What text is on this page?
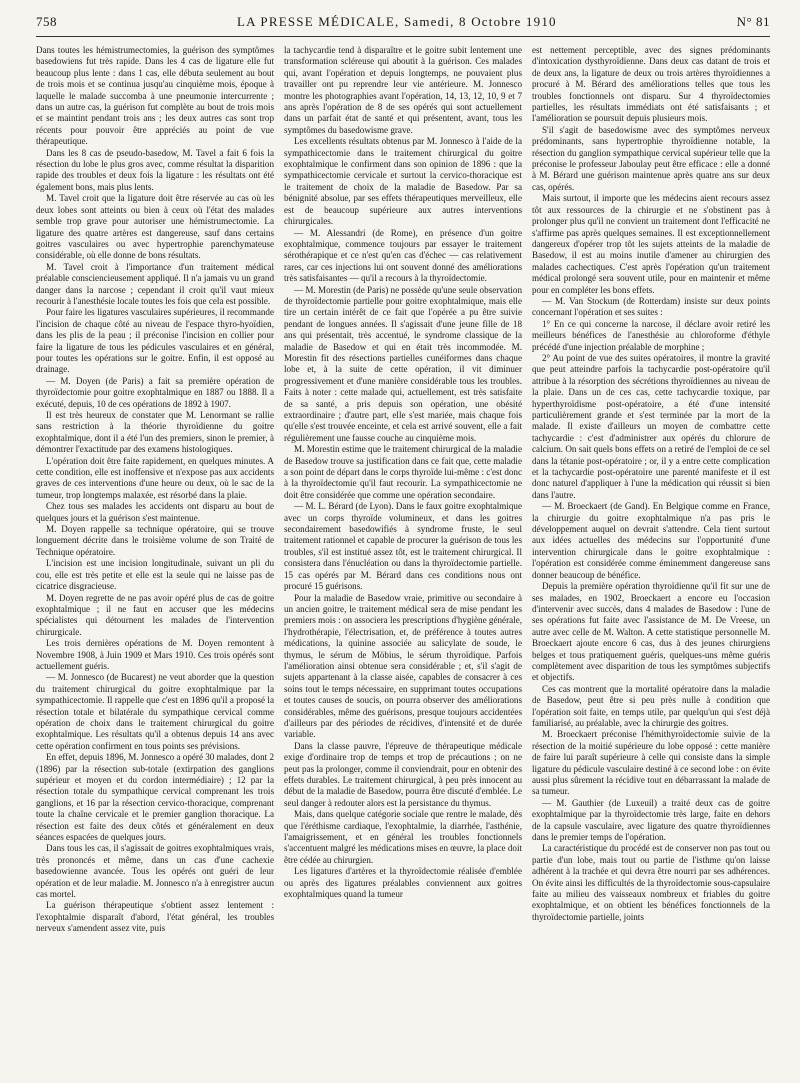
758	LA PRESSE MÉDICALE, Samedi, 8 Octobre 1910	N° 81

Dans toutes les hémistrumectomies, la guérison des symptômes basedowiens fut très rapide. Dans les 4 cas de ligature elle fut beaucoup plus lente : dans 1 cas, elle débuta seulement au bout de trois mois et se continua jusqu'au cinquième mois, époque à laquelle le malade succomba à une pneumonie intercurrente ; dans un autre cas, la guérison fut complète au bout de trois mois et se maintint pendant trois ans ; les deux autres cas sont trop récents pour pouvoir être appréciés au point de vue thérapeutique.

Dans les 8 cas de pseudo-basedow, M. Tavel a fait 6 fois la résection du lobe le plus gros avec, comme résultat la disparition rapide des troubles et deux fois la ligature : les résultats ont été également bons, mais plus lents.

M. Tavel croit que la ligature doit être réservée au cas où les deux lobes sont atteints ou bien à ceux où l'état des malades semble trop grave pour autoriser une hémistrumectomie. La ligature des quatre artères est dangereuse, sauf dans certains goitres vasculaires ou avec hypertrophie parenchymateuse considérable, où elle donne de bons résultats.

M. Tavel croit à l'importance d'un traitement médical préalable consciencieusement appliqué. Il n'a jamais vu un grand danger dans la narcose ; cependant il croit qu'il vaut mieux recourir à l'anesthésie locale toutes les fois que cela est possible.

Pour faire les ligatures vasculaires supérieures, il recommande l'incision de chaque côté au niveau de l'espace thyro-hyoïdien, dans les plis de la peau ; il préconise l'incision en collier pour faire la ligature de tous les pédicules vasculaires et en général, pour toutes les opérations sur le goitre. Enfin, il est opposé au drainage.

— M. Doyen (de Paris) a fait sa première opération de thyroïdectomie pour goitre exophtalmique en 1887 ou 1888. Il a exécuté, depuis, 10 de ces opérations de 1892 à 1907.

Il est très heureux de constater que M. Lenormant se rallie sans restriction à la théorie thyroïdienne du goitre exophtalmique, dont il a été l'un des premiers, sinon le premier, à démontrer l'exactitude par des examens histologiques.

L'opération doit être faite rapidement, en quelques minutes. A cette condition, elle est inoffensive et n'expose pas aux accidents graves de ces interventions d'une heure ou deux, où le sac de la tumeur, trop longtemps malaxée, est résorbé dans la plaie.

Chez tous ses malades les accidents ont disparu au bout de quelques jours et la guérison s'est maintenue.

M. Doyen rappelle sa technique opératoire, qui se trouve longuement décrite dans le troisième volume de son Traité de Technique opératoire.

L'incision est une incision longitudinale, suivant un pli du cou, elle est très petite et elle est la seule qui ne laisse pas de cicatrice disgracieuse.

M. Doyen regrette de ne pas avoir opéré plus de cas de goitre exophtalmique ; il ne faut en accuser que les médecins spécialistes qui détournent les malades de l'intervention chirurgicale.

Les trois dernières opérations de M. Doyen remontent à Novembre 1908, à Juin 1909 et Mars 1910. Ces trois opérés sont actuellement guéris.

— M. Jonnesco (de Bucarest) ne veut aborder que la question du traitement chirurgical du goitre exophtalmique par la sympathicectomie. Il rappelle que c'est en 1896 qu'il a proposé la résection totale et bilatérale du sympathique cervical comme opération de choix dans le traitement chirurgical du goitre exophtalmique. Les résultats qu'il a obtenus depuis 14 ans avec cette opération confirment en tous points ses prévisions.

En effet, depuis 1896, M. Jonnesco a opéré 30 malades, dont 2 (1896) par la résection sub-totale (extirpation des ganglions supérieur et moyen et du cordon intermédiaire) ; 12 par la résection totale du sympathique cervical comprenant les trois ganglions, et 16 par la résection cervico-thoracique, comprenant toute la chaîne cervicale et le premier ganglion thoracique. La résection est faite des deux côtés et généralement en deux séances espacées de quelques jours.

Dans tous les cas, il s'agissait de goitres exophtalmiques vrais, très prononcés et même, dans un cas d'une cachexie basedowienne avancée. Tous les opérés ont guéri de leur opération et de leur maladie. M. Jonnesco n'a à enregistrer aucun cas mortel.

La guérison thérapeutique s'obtient assez lentement : l'exophtalmie disparaît d'abord, l'état général, les troubles nerveux s'amendent assez vite, puis

la tachycardie tend à disparaître et le goitre subit lentement une transformation scléreuse qui aboutit à la guérison. Ces malades qui, avant l'opération et depuis longtemps, ne pouvaient plus travailler ont pu reprendre leur vie antérieure. M. Jonnesco montre les photographies avant l'opération, 14, 13, 12, 10, 9 et 7 ans après l'opération de 8 de ses opérés qui sont actuellement dans un parfait état de santé et qui présentent, avant, tous les symptômes du basedowisme grave.

Les excellents résultats obtenus par M. Jonnesco à l'aide de la sympathicectomie dans le traitement chirurgical du goitre exophtalmique le confirment dans son opinion de 1896 : que la sympathicectomie cervicale et surtout la cervico-thoracique est le traitement de choix de la maladie de Basedow. Par sa bénignité absolue, par ses effets thérapeutiques merveilleux, elle est de beaucoup supérieure aux autres interventions chirurgicales.

— M. Alessandri (de Rome), en présence d'un goitre exophtalmique, commence toujours par essayer le traitement sérothérapique et ce n'est qu'en cas d'échec — cas relativement rares, car ces injections lui ont souvent donné des améliorations très satisfaisantes — qu'il a recours à la thyroïdectomie.

— M. Morestin (de Paris) ne possède qu'une seule observation de thyroïdectomie partielle pour goitre exophtalmique, mais elle tire un certain intérêt de ce fait que l'opérée a pu être suivie pendant de longues années. Il s'agissait d'une jeune fille de 18 ans qui présentait, très accentué, le syndrome classique de la maladie de Basedow et qui en était très incommodée. M. Morestin fit des résections partielles cunéiformes dans chaque lobe et, à la suite de cette opération, il vit diminuer progressivement et d'une manière considérable tous les troubles. Faits à noter : cette malade qui, actuellement, est très satisfaite de sa santé, a pris depuis son opération, une obésité extraordinaire ; d'autre part, elle s'est mariée, mais chaque fois qu'elle s'est trouvée enceinte, et cela est arrivé souvent, elle a fait régulièrement une fausse couche au cinquième mois.

M. Morestin estime que le traitement chirurgical de la maladie de Basedow trouve sa justification dans ce fait que, cette maladie a son point de départ dans le corps thyroïde lui-même : c'est donc à la thyroïdectomie qu'il faut recourir. La sympathicectomie ne doit être considérée que comme une opération secondaire.

— M. L. Bérard (de Lyon). Dans le faux goitre exophtalmique avec un corps thyroïde volumineux, et dans les goitres secondairement basedowifiés à syndrome fruste, le seul traitement rationnel et capable de procurer la guérison de tous les troubles, s'il est institué assez tôt, est le traitement chirurgical. Il consistera dans l'énucléation ou dans la thyroïdectomie partielle. 15 cas opérés par M. Bérard dans ces conditions nous ont procuré 15 guérisons.

Pour la maladie de Basedow vraie, primitive ou secondaire à un ancien goitre, le traitement médical sera de mise pendant les premiers mois : on associera les prescriptions d'hygiène générale, l'hydrothérapie, l'électrisation, et, de préférence à toutes autres médications, la quinine associée au salicylate de soude, le thymus, le sérum de Möbius, le sérum thyroïdique. Parfois l'amélioration ainsi obtenue sera considérable ; et, s'il s'agit de sujets appartenant à la classe aisée, capables de consacrer à ces soins tout le temps nécessaire, en supprimant toutes occupations et toutes causes de soucis, on pourra observer des améliorations considérables, même des guérisons, presque toujours accidentées d'ailleurs par des périodes de récidives, d'intensité et de durée variable.

Dans la classe pauvre, l'épreuve de thérapeutique médicale exige d'ordinaire trop de temps et trop de précautions ; on ne peut pas la prolonger, comme il conviendrait, pour en obtenir des effets durables. Le traitement chirurgical, à peu près innocent au début de la maladie de Basedow, pourra être discuté d'emblée. Le seul danger à redouter alors est la persistance du thymus.

Mais, dans quelque catégorie sociale que rentre le malade, dès que l'éréthisme cardiaque, l'exophtalmie, la diarrhée, l'asthénie, l'amaigrissement, et en général les troubles fonctionnels s'accentuent malgré les médications mises en œuvre, la place doit être cédée au chirurgien.

Les ligatures d'artères et la thyroïdectomie réalisée d'emblée ou après des ligatures préalables conviennent aux goitres exophtalmiques quand la tumeur

est nettement perceptible, avec des signes prédominants d'intoxication dysthyroïdienne. Dans deux cas datant de trois et de deux ans, la ligature de deux ou trois artères thyroïdiennes a procuré à M. Bérard des améliorations telles que tous les troubles fonctionnels ont disparu. Sur 4 thyroïdectomies partielles, les résultats immédiats ont été satisfaisants ; et l'amélioration se poursuit depuis plusieurs mois.

S'il s'agit de basedowisme avec des symptômes nerveux prédominants, sans hypertrophie thyroïdienne notable, la résection du ganglion sympathique cervical supérieur telle que la préconise le professeur Jaboulay peut être efficace : elle a donné à M. Bérard une guérison maintenue après quatre ans sur deux cas, opérés.

Mais surtout, il importe que les médecins aient recours assez tôt aux ressources de la chirurgie et ne s'obstinent pas à prolonger plus qu'il ne convient un traitement dont l'efficacité ne s'affirme pas après quelques semaines. Il est exceptionnellement dangereux d'opérer trop tôt les sujets atteints de la maladie de Basedow, il est au moins inutile d'amener au chirurgien des malades cachectiques. C'est après l'opération qu'un traitement médical prolongé sera souvent utile, pour en maintenir et même pour en compléter les bons effets.

— M. Van Stockum (de Rotterdam) insiste sur deux points concernant l'opération et ses suites :

1° En ce qui concerne la narcose, il déclare avoir retiré les meilleurs bénéfices de l'anesthésie au chloroforme d'éthyle précédé d'une injection préalable de morphine ;

2° Au point de vue des suites opératoires, il montre la gravité que peut atteindre parfois la tachycardie post-opératoire qu'il attribue à la résorption des sécrétions thyroïdiennes au niveau de la plaie. Dans un de ces cas, cette tachycardie toxique, par hyperthyroïdisme post-opératoire, a été d'une intensité particulièrement grande et s'est terminée par la mort de la malade. Il existe d'ailleurs un moyen de combattre cette tachycardie : c'est d'administrer aux opérés du chlorure de calcium. On sait quels bons effets on a retiré de l'emploi de ce sel dans la tétanie post-opératoire ; or, il y a entre cette complication et la tachycardie post-opératoire une parenté manifeste et il est donc naturel d'appliquer à l'une la médication qui réussit si bien dans l'autre.

— M. Broeckaert (de Gand). En Belgique comme en France, la chirurgie du goitre exophtalmique n'a pas pris le développement auquel on devrait s'attendre. Cela tient surtout aux idées actuelles des médecins sur l'opportunité d'une intervention chirurgicale dans le goitre exophtalmique : l'opération est considérée comme éminemment dangereuse sans donner beaucoup de bénéfice.

Depuis la première opération thyroïdienne qu'il fit sur une de ses malades, en 1902, Broeckaert a encore eu l'occasion d'intervenir avec succès, dans 4 malades de Basedow : l'une de ses opérations fut faite avec l'assistance de M. De Vreese, un autre avec celle de M. Walton. A cette statistique personnelle M. Broeckaert ajoute encore 6 cas, dus à des jeunes chirurgiens belges et tous pratiquement guéris, quelques-uns même guéris complètement avec disparition de tous les symptômes subjectifs et objectifs.

Ces cas montrent que la mortalité opératoire dans la maladie de Basedow, peut être si peu près nulle à condition que l'opération soit faite, en temps utile, par quelqu'un qui s'est déjà familiarisé, au préalable, avec la chirurgie des goitres.

M. Broeckaert préconise l'hémithyroïdectomie suivie de la résection de la moitié supérieure du lobe opposé : cette manière de faire lui paraît supérieure à celle qui consiste dans la simple ligature du pédicule vasculaire destiné à ce second lobe : on évite aussi plus sûrement la récidive tout en débarrassant la malade de sa tumeur.

— M. Gauthier (de Luxeuil) a traité deux cas de goitre exophtalmique par la thyroïdectomie très large, faite en dehors de la capsule vasculaire, avec ligature des quatre thyroïdiennes dans le premier temps de l'opération.

La caractéristique du procédé est de conserver non pas tout ou partie d'un lobe, mais tout ou partie de l'isthme qu'on laisse adhérent à la trachée et qui devra être nourri par ses adhérences. On évite ainsi les difficultés de la thyroïdectomie sous-capsulaire faite au milieu des vaisseaux nombreux et friables du goitre exophtalmique, et on obtient les bénéfices fonctionnels de la thyroïdectomie partielle, joints
